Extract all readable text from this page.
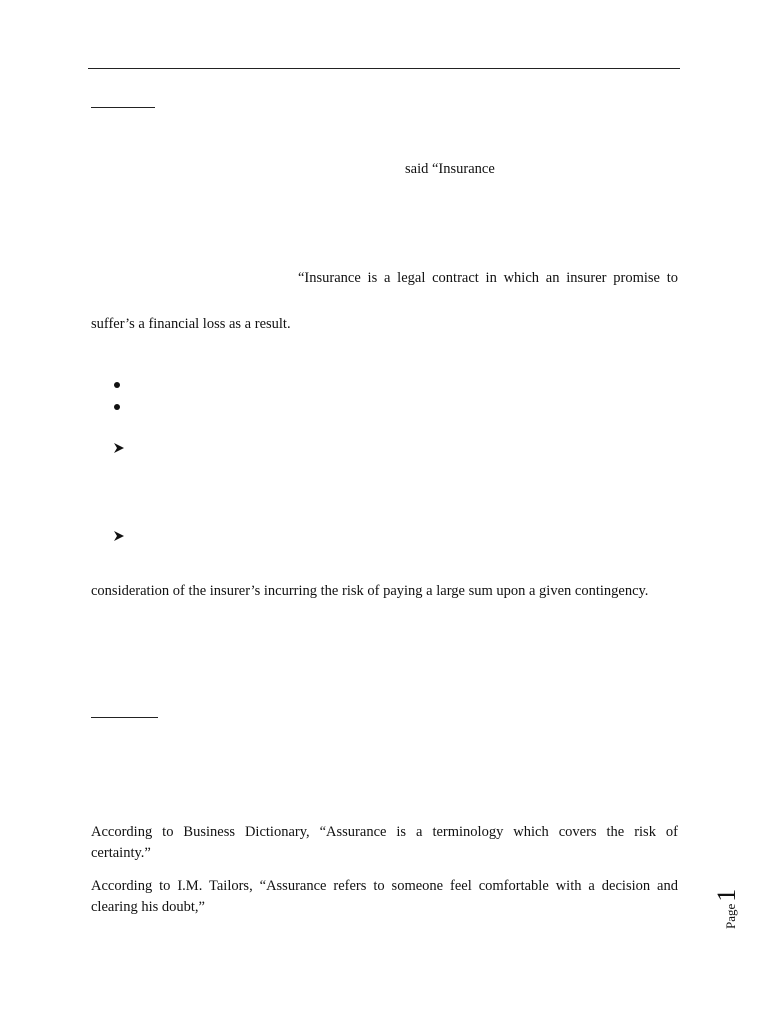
said “Insurance
“Insurance is a legal contract in which an insurer promise to
suffer’s a financial loss as a result.
consideration of the insurer’s incurring the risk of paying a large sum upon a given contingency.
According to Business Dictionary, “Assurance is a terminology which covers the risk of
certainty.”
According to I.M. Tailors, “Assurance refers to someone feel comfortable with a decision and
clearing his doubt,”	Page1
